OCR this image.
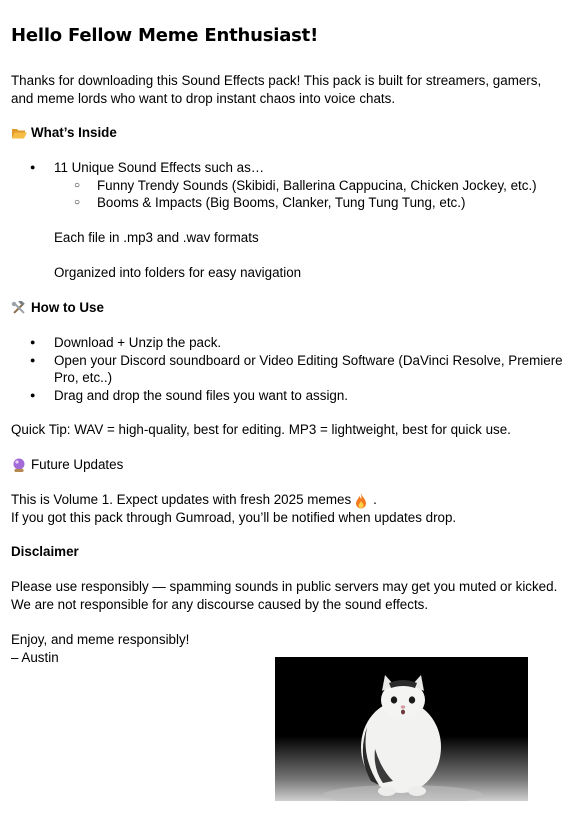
Hello Fellow Meme Enthusiast!

Thanks for downloading this Sound Effects pack! This pack is built for streamers, gamers, and meme lords who want to drop instant chaos into voice chats.

What’s Inside
● 11 Unique Sound Effects such as…
○ Funny Trendy Sounds (Skibidi, Ballerina Cappucina, Chicken Jockey, etc.)
○ Booms & Impacts (Big Booms, Clanker, Tung Tung Tung, etc.)

Each file in .mp3 and .wav formats

Organized into folders for easy navigation

How to Use
● Download + Unzip the pack.
● Open your Discord soundboard or Video Editing Software (DaVinci Resolve, Premiere Pro, etc..)
● Drag and drop the sound files you want to assign.

Quick Tip: WAV = high-quality, best for editing. MP3 = lightweight, best for quick use.

Future Updates
This is Volume 1. Expect updates with fresh 2025 memes .
If you got this pack through Gumroad, you’ll be notified when updates drop.

Disclaimer

Please use responsibly — spamming sounds in public servers may get you muted or kicked.
We are not responsible for any discourse caused by the sound effects.
Enjoy, and meme responsibly!
– Austin
